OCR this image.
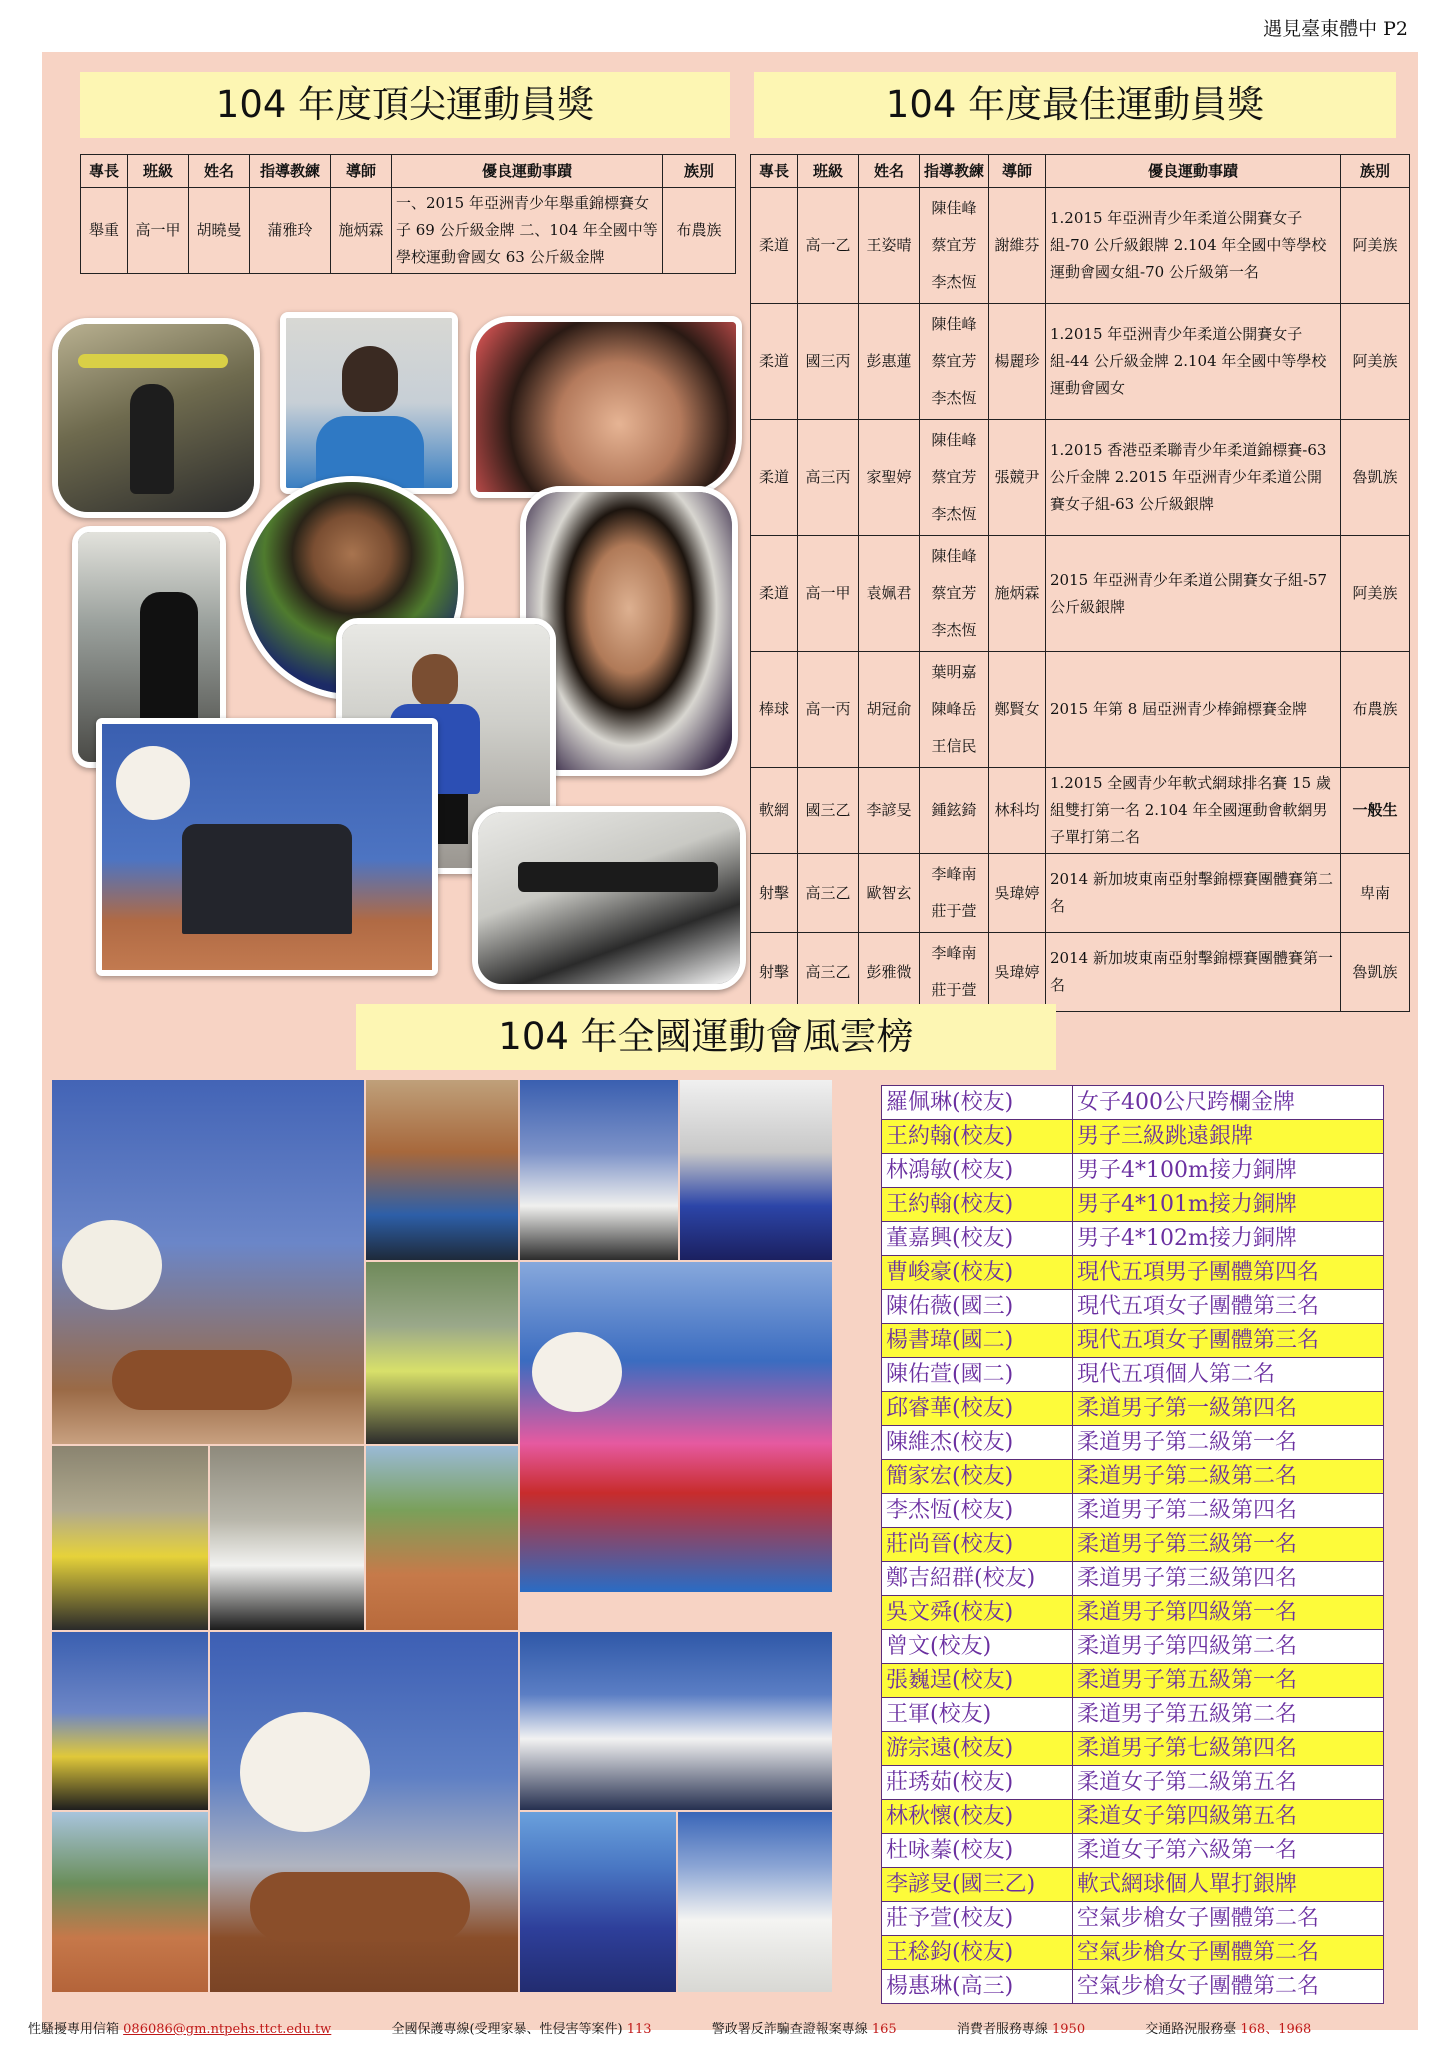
遇見臺東體中 P2
104 年度頂尖運動員獎	104 年度最佳運動員獎
專長	班級	姓名	指導教練	導師	優良運動事蹟	族別
舉重	高一甲	胡曉曼	蒲雅玲	施炳霖	一、2015 年亞洲青少年舉重錦標賽女子 69 公斤級金牌 二、104 年全國中等學校運動會國女 63 公斤級金牌	布農族
專長	班級	姓名	指導教練	導師	優良運動事蹟	族別
柔道	高一乙	王姿晴	陳佳峰
蔡宜芳
李杰恆	謝維芬	1.2015 年亞洲青少年柔道公開賽女子組-70 公斤級銀牌 2.104 年全國中等學校運動會國女組-70 公斤級第一名	阿美族
柔道	國三丙	彭惠蓮	陳佳峰
蔡宜芳
李杰恆	楊麗珍	1.2015 年亞洲青少年柔道公開賽女子組-44 公斤級金牌 2.104 年全國中等學校運動會國女	阿美族
柔道	高三丙	家聖婷	陳佳峰
蔡宜芳
李杰恆	張競尹	1.2015 香港亞柔聯青少年柔道錦標賽-63 公斤金牌 2.2015 年亞洲青少年柔道公開賽女子組-63 公斤級銀牌	魯凱族
柔道	高一甲	袁姵君	陳佳峰
蔡宜芳
李杰恆	施炳霖	2015 年亞洲青少年柔道公開賽女子組-57 公斤級銀牌	阿美族
棒球	高一丙	胡冠俞	葉明嘉
陳峰岳
王信民	鄭賢女	2015 年第 8 屆亞洲青少棒錦標賽金牌	布農族
軟網	國三乙	李諺旻	鍾鉉錡	林科均	1.2015 全國青少年軟式網球排名賽 15 歲組雙打第一名 2.104 年全國運動會軟網男子單打第二名	一般生
射擊	高三乙	歐智玄	李峰南
莊于萱	吳瑋婷	2014 新加坡東南亞射擊錦標賽團體賽第二名	卑南
射擊	高三乙	彭雅微	李峰南
莊于萱	吳瑋婷	2014 新加坡東南亞射擊錦標賽團體賽第一名	魯凱族
104 年全國運動會風雲榜
羅佩琳(校友)	女子400公尺跨欄金牌
王約翰(校友)	男子三級跳遠銀牌
林鴻敏(校友)	男子4*100m接力銅牌
王約翰(校友)	男子4*101m接力銅牌
董嘉興(校友)	男子4*102m接力銅牌
曹峻豪(校友)	現代五項男子團體第四名
陳佑薇(國三)	現代五項女子團體第三名
楊書瑋(國二)	現代五項女子團體第三名
陳佑萱(國二)	現代五項個人第二名
邱睿華(校友)	柔道男子第一級第四名
陳維杰(校友)	柔道男子第二級第一名
簡家宏(校友)	柔道男子第二級第二名
李杰恆(校友)	柔道男子第二級第四名
莊尚晉(校友)	柔道男子第三級第一名
鄭吉紹群(校友)	柔道男子第三級第四名
吳文舜(校友)	柔道男子第四級第一名
曾文(校友)	柔道男子第四級第二名
張巍逞(校友)	柔道男子第五級第一名
王軍(校友)	柔道男子第五級第二名
游宗遠(校友)	柔道男子第七級第四名
莊琇茹(校友)	柔道女子第二級第五名
林秋懷(校友)	柔道女子第四級第五名
杜咏蓁(校友)	柔道女子第六級第一名
李諺旻(國三乙)	軟式網球個人單打銀牌
莊予萱(校友)	空氣步槍女子團體第二名
王稔鈞(校友)	空氣步槍女子團體第二名
楊惠琳(高三)	空氣步槍女子團體第二名
性騷擾專用信箱 086086@gm.ntpehs.ttct.edu.tw	全國保護專線(受理家暴、性侵害等案件) 113	警政署反詐騙查證報案專線 165	消費者服務專線 1950	交通路況服務臺 168、1968
